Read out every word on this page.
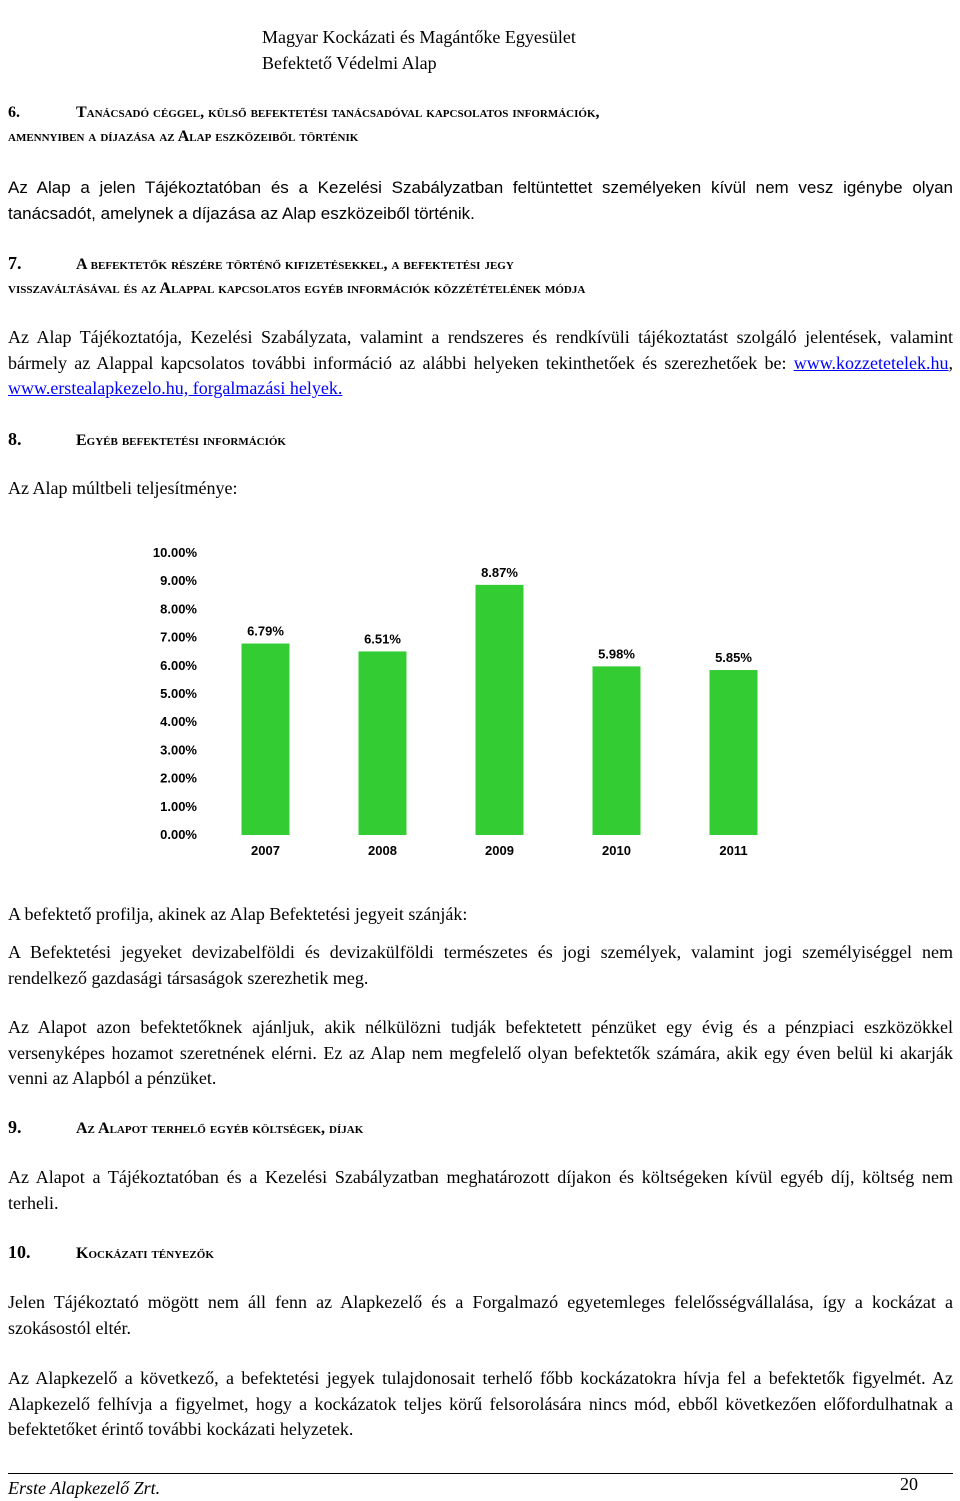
Magyar Kockázati és Magántőke Egyesület
Befektető Védelmi Alap
6.	Tanácsadó céggel, külső befektetési tanácsadóval kapcsolatos információk,
amennyiben a díjazása az Alap eszközeiből történik
Az Alap a jelen Tájékoztatóban és a Kezelési Szabályzatban feltüntettet személyeken kívül nem vesz igénybe olyan tanácsadót, amelynek a díjazása az Alap eszközeiből történik.
7.	A befektetők részére történő kifizetésekkel, a befektetési jegy
visszaváltásával és az Alappal kapcsolatos egyéb információk közzétételének módja
Az Alap Tájékoztatója, Kezelési Szabályzata, valamint a rendszeres és rendkívüli tájékoztatást szolgáló jelentések, valamint bármely az Alappal kapcsolatos további információ az alábbi helyeken tekinthetőek és szerezhetőek be: www.kozzetetelek.hu, www.erstealapkezelo.hu, forgalmazási helyek.
8.	Egyéb befektetési információk
Az Alap múltbeli teljesítménye:
0.00%
1.00%
2.00%
3.00%
4.00%
5.00%
6.00%
7.00%
8.00%
9.00%
10.00%
6.79%
2007
6.51%
2008
8.87%
2009
5.98%
2010
5.85%
2011
A befektető profilja, akinek az Alap Befektetési jegyeit szánják:
A Befektetési jegyeket devizabelföldi és devizakülföldi természetes és jogi személyek, valamint jogi személyiséggel nem rendelkező gazdasági társaságok szerezhetik meg.
Az Alapot azon befektetőknek ajánljuk, akik nélkülözni tudják befektetett pénzüket egy évig és a pénzpiaci eszközökkel versenyképes hozamot szeretnének elérni. Ez az Alap nem megfelelő olyan befektetők számára, akik egy éven belül ki akarják venni az Alapból a pénzüket.
9.	Az Alapot terhelő egyéb költségek, díjak
Az Alapot a Tájékoztatóban és a Kezelési Szabályzatban meghatározott díjakon és költségeken kívül egyéb díj, költség nem terheli.
10.	Kockázati tényezők
Jelen Tájékoztató mögött nem áll fenn az Alapkezelő és a Forgalmazó egyetemleges felelősségvállalása, így a kockázat a szokásostól eltér.
Az Alapkezelő a következő, a befektetési jegyek tulajdonosait terhelő főbb kockázatokra hívja fel a befektetők figyelmét. Az Alapkezelő felhívja a figyelmet, hogy a kockázatok teljes körű felsorolására nincs mód, ebből következően előfordulhatnak a befektetőket érintő további kockázati helyzetek.
Erste Alapkezelő Zrt.	20
